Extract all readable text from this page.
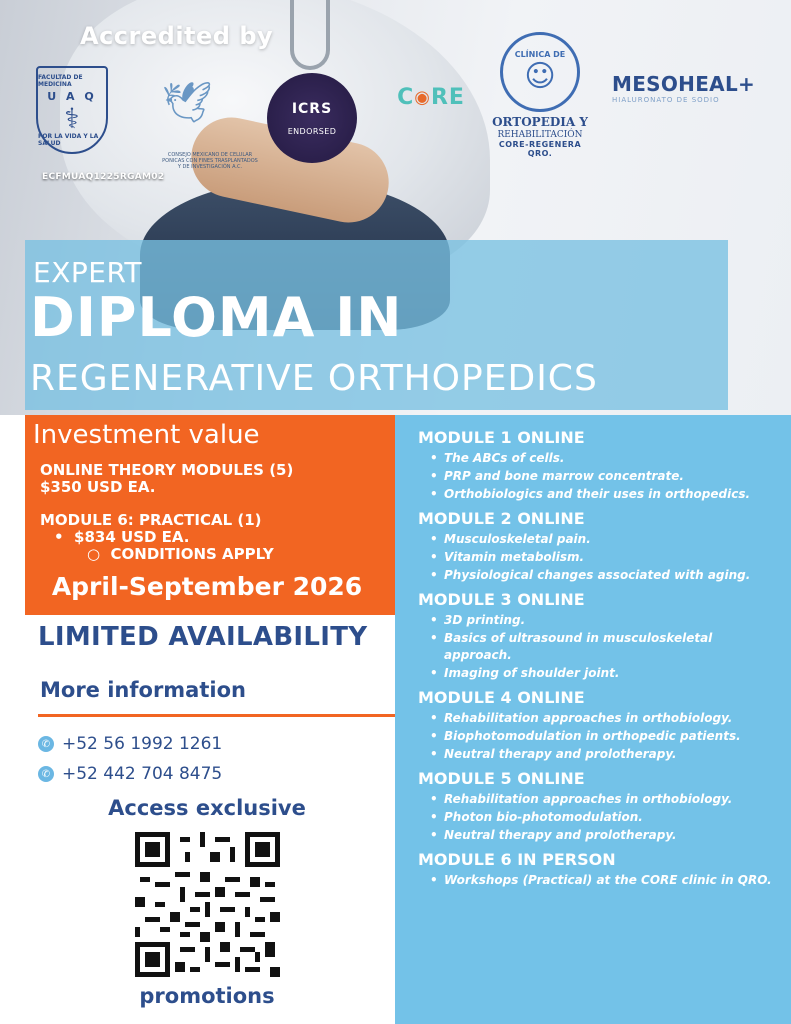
Accredited by
FACULTAD DE MEDICINA
U A Q
⚕
POR LA VIDA Y LA SALUD
ECFMUAQ1225RGAM02
🕊
CONSEJO MEXICANO DE CELULAR PONICAS CON FINES TRASPLANTADOS Y DE INVESTIGACIÓN A.C.
ICRS
ENDORSED
C ◉ RE
CLÍNICA DE
☺
ORTOPEDIA Y
REHABILITACIÓN
CORE-REGENERA
QRO.
MESOHEAL+
HIALURONATO DE SODIO
EXPERT
DIPLOMA IN
REGENERATIVE ORTHOPEDICS
Investment value
ONLINE THEORY MODULES (5)
$350 USD EA.
MODULE 6: PRACTICAL (1)
•  $834 USD EA.
○  CONDITIONS APPLY
April-September 2026
LIMITED AVAILABILITY
More information
✆ +52 56 1992 1261
✆ +52 442 704 8475
Access exclusive
promotions
MODULE 1 ONLINE
• The ABCs of cells.
• PRP and bone marrow concentrate.
• Orthobiologics and their uses in orthopedics.
MODULE 2 ONLINE
• Musculoskeletal pain.
• Vitamin metabolism.
• Physiological changes associated with aging.
MODULE 3 ONLINE
• 3D printing.
• Basics of ultrasound in musculoskeletal approach.
• Imaging of shoulder joint.
MODULE 4 ONLINE
• Rehabilitation approaches in orthobiology.
• Biophotomodulation in orthopedic patients.
• Neutral therapy and prolotherapy.
MODULE 5 ONLINE
• Rehabilitation approaches in orthobiology.
• Photon bio-photomodulation.
• Neutral therapy and prolotherapy.
MODULE 6 IN PERSON
• Workshops (Practical) at the CORE clinic in QRO.
